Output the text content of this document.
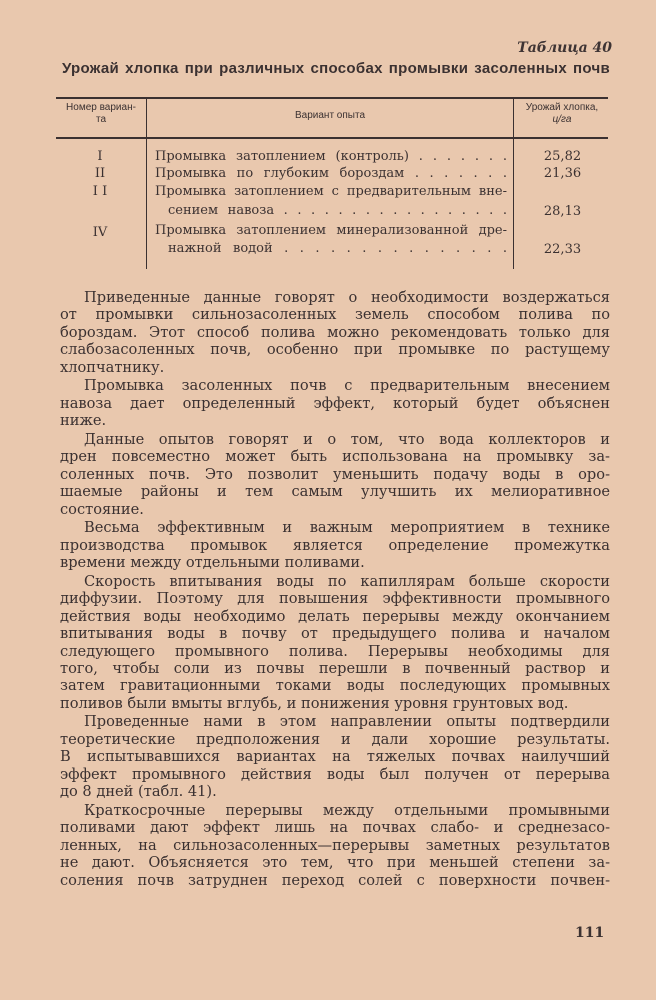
Таблица 40
Урожай хлопка при различных способах промывки засоленных почв
Номер вариан-
та	Вариант опыта
Урожай хлопка,
ц/га
I	Промывка затоплением (контроль) . . . . . . .	25,82
II	Промывка по глубоким бороздам . . . . . . .	21,36
I I	Промывка затоплением с предварительным вне-
сением навоза . . . . . . . . . . . . . . . . .	28,13
IV	Промывка затоплением минерализованной дре-
нажной водой . . . . . . . . . . . . . . .	22,33
Приведенные данные говорят о необходимости воздержаться
от промывки сильнозасоленных земель способом полива по
бороздам. Этот способ полива можно рекомендовать только для
слабозасоленных почв, особенно при промывке по растущему
хлопчатнику.
Промывка засоленных почв с предварительным внесением
навоза дает определенный эффект, который будет объяснен
ниже.
Данные опытов говорят и о том, что вода коллекторов и
дрен повсеместно может быть использована на промывку за-
соленных почв. Это позволит уменьшить подачу воды в оро-
шаемые районы и тем самым улучшить их мелиоративное
состояние.
Весьма эффективным и важным мероприятием в технике
производства промывок является определение промежутка
времени между отдельными поливами.
Скорость впитывания воды по капиллярам больше скорости
диффузии. Поэтому для повышения эффективности промывного
действия воды необходимо делать перерывы между окончанием
впитывания воды в почву от предыдущего полива и началом
следующего промывного полива. Перерывы необходимы для
того, чтобы соли из почвы перешли в почвенный раствор и
затем гравитационными токами воды последующих промывных
поливов были вмыты вглубь, и понижения уровня грунтовых вод.
Проведенные нами в этом направлении опыты подтвердили
теоретические предположения и дали хорошие результаты.
В испытывавшихся вариантах на тяжелых почвах наилучший
эффект промывного действия воды был получен от перерыва
до 8 дней (табл. 41).
Краткосрочные перерывы между отдельными промывными
поливами дают эффект лишь на почвах слабо- и среднезасо-
ленных, на сильнозасоленных—перерывы заметных результатов
не дают. Объясняется это тем, что при меньшей степени за-
соления почв затруднен переход солей с поверхности почвен-
111
